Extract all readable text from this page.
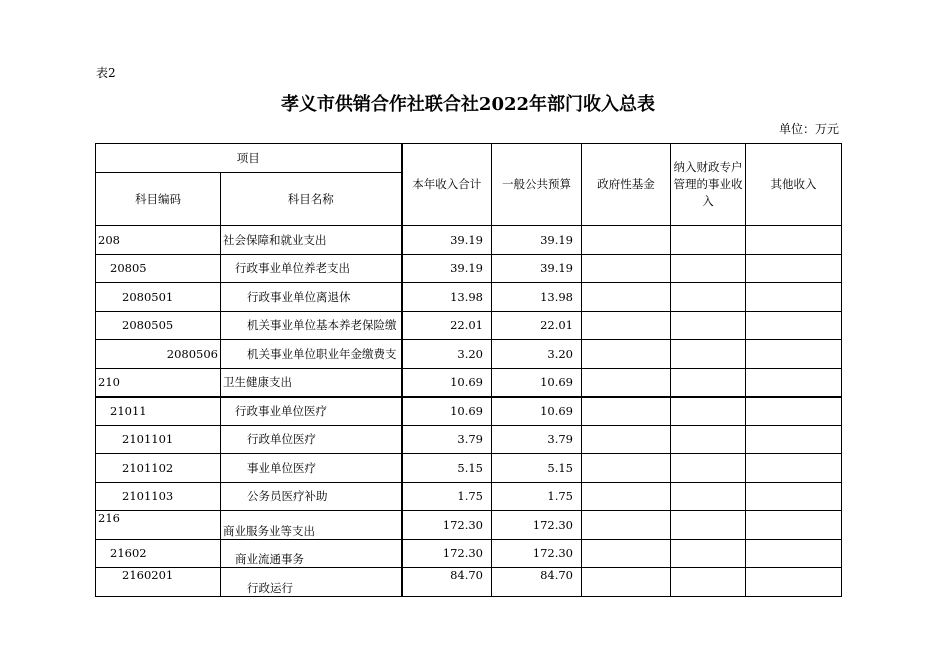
表2
孝义市供销合作社联合社2022年部门收入总表
单位：万元
项目		本年收入合计	一般公共预算	政府性基金	纳入财政专户管理的事业收入	其他收入
科目编码	科目名称					
208	社会保障和就业支出	39.19	39.19			
20805	行政事业单位养老支出	39.19	39.19			
2080501	行政事业单位离退休	13.98	13.98			
2080505	机关事业单位基本养老保险缴	22.01	22.01			
2080506	机关事业单位职业年金缴费支	3.20	3.20			
210	卫生健康支出	10.69	10.69			
21011	行政事业单位医疗	10.69	10.69			
2101101	行政单位医疗	3.79	3.79			
2101102	事业单位医疗	5.15	5.15			
2101103	公务员医疗补助	1.75	1.75			
216	商业服务业等支出	172.30	172.30			
21602	商业流通事务	172.30	172.30			
2160201	行政运行	84.70	84.70			
